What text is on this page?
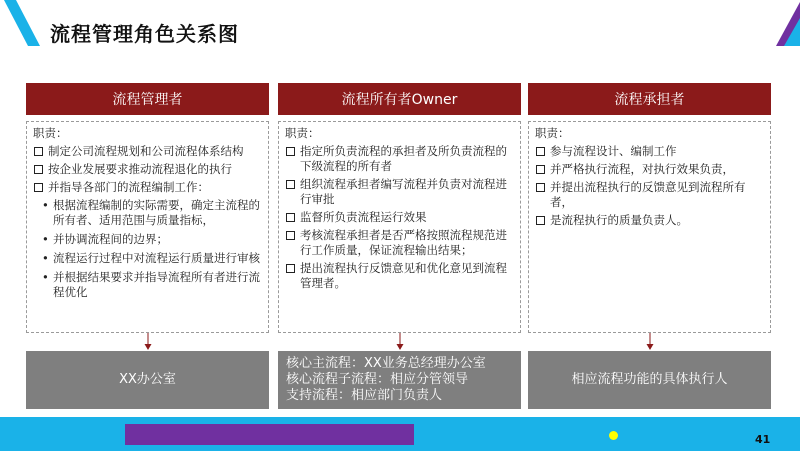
流程管理角色关系图
流程管理者
职责：
制定公司流程规划和公司流程体系结构
按企业发展要求推动流程退化的执行
并指导各部门的流程编制工作：
• 根据流程编制的实际需要，确定主流程的所有者、适用范围与质量指标，
• 并协调流程间的边界；
• 流程运行过程中对流程运行质量进行审核
• 并根据结果要求并指导流程所有者进行流程优化
XX办公室
流程所有者Owner
职责：
指定所负责流程的承担者及所负责流程的下级流程的所有者
组织流程承担者编写流程并负责对流程进行审批
监督所负责流程运行效果
考核流程承担者是否严格按照流程规范进行工作质量，保证流程输出结果；
提出流程执行反馈意见和优化意见到流程管理者。
核心主流程：XX业务总经理办公室
核心流程子流程：相应分管领导
支持流程：相应部门负责人
流程承担者
职责：
参与流程设计、编制工作
并严格执行流程，对执行效果负责，
并提出流程执行的反馈意见到流程所有者，
是流程执行的质量负责人。
相应流程功能的具体执行人
41
